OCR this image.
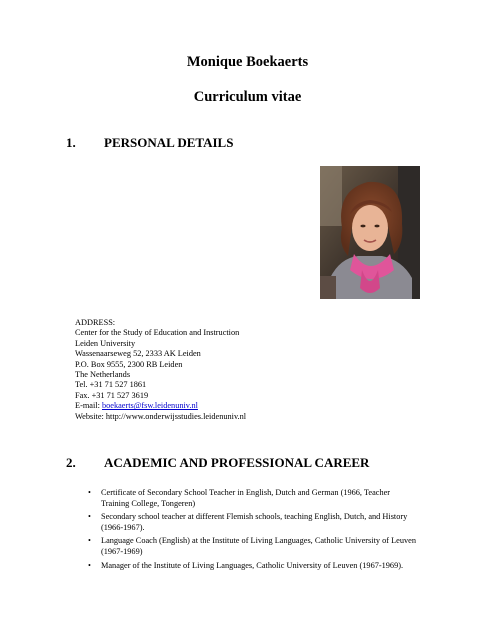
Monique Boekaerts
Curriculum vitae
1. PERSONAL DETAILS
ADDRESS:
Center for the Study of Education and Instruction
Leiden University
Wassenaarseweg 52, 2333 AK Leiden
P.O. Box 9555, 2300 RB Leiden
The Netherlands
Tel. +31 71 527 1861
Fax. +31 71 527 3619
E-mail: boekaerts@fsw.leidenuniv.nl
Website: http://www.onderwijsstudies.leidenuniv.nl
2. ACADEMIC AND PROFESSIONAL CAREER
• Certificate of Secondary School Teacher in English, Dutch and German (1966, Teacher Training College, Tongeren)
• Secondary school teacher at different Flemish schools, teaching English, Dutch, and History (1966-1967).
• Language Coach (English) at the Institute of Living Languages, Catholic University of Leuven (1967-1969)
• Manager of the Institute of Living Languages, Catholic University of Leuven (1967-1969).
